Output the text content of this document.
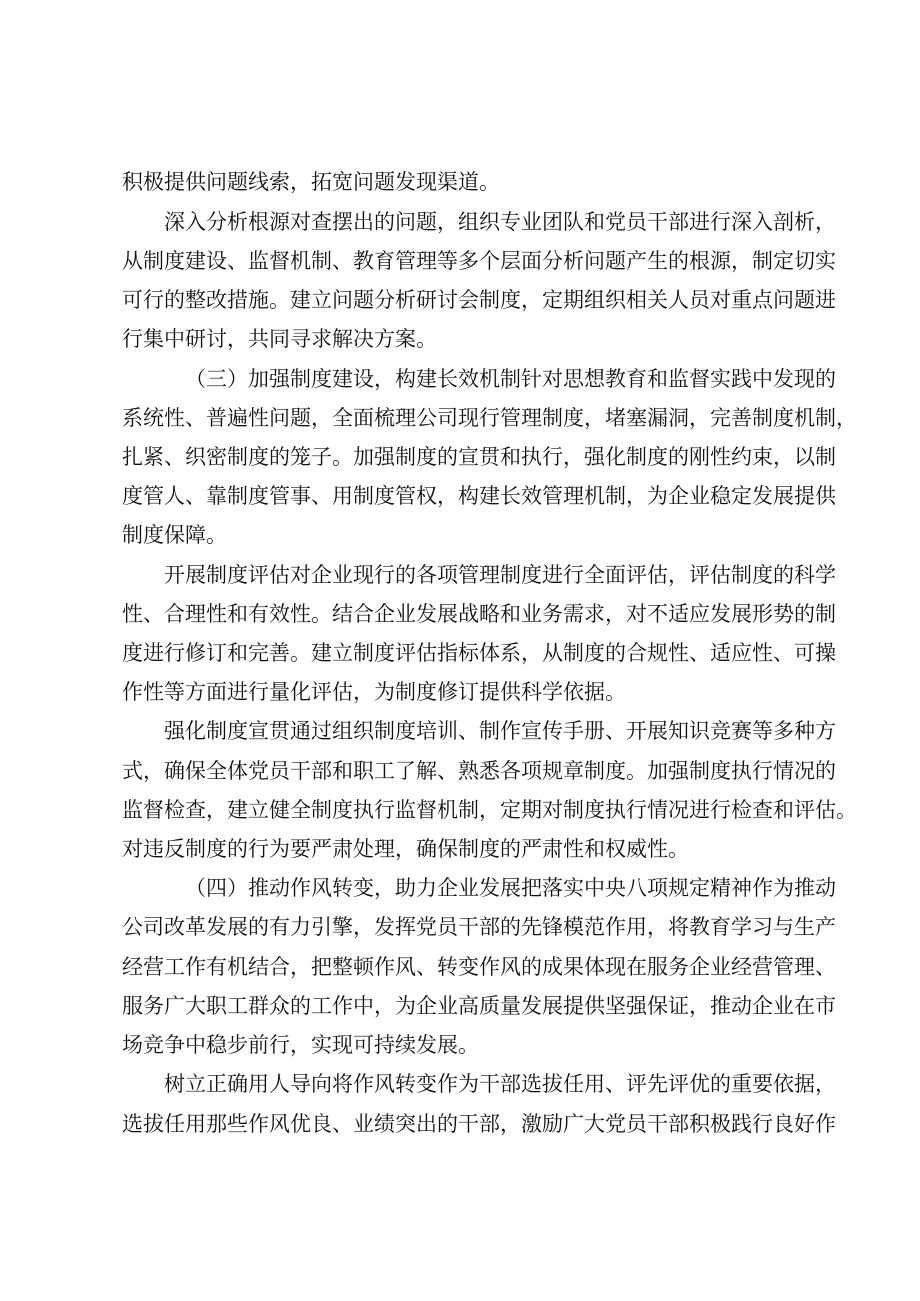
积极提供问题线索，拓宽问题发现渠道。

深入分析根源对查摆出的问题，组织专业团队和党员干部进行深入剖析，

从制度建设、监督机制、教育管理等多个层面分析问题产生的根源，制定切实

可行的整改措施。建立问题分析研讨会制度，定期组织相关人员对重点问题进

行集中研讨，共同寻求解决方案。

（三）加强制度建设，构建长效机制针对思想教育和监督实践中发现的

系统性、普遍性问题，全面梳理公司现行管理制度，堵塞漏洞，完善制度机制，

扎紧、织密制度的笼子。加强制度的宣贯和执行，强化制度的刚性约束，以制

度管人、靠制度管事、用制度管权，构建长效管理机制，为企业稳定发展提供

制度保障。

开展制度评估对企业现行的各项管理制度进行全面评估，评估制度的科学

性、合理性和有效性。结合企业发展战略和业务需求，对不适应发展形势的制

度进行修订和完善。建立制度评估指标体系，从制度的合规性、适应性、可操

作性等方面进行量化评估，为制度修订提供科学依据。

强化制度宣贯通过组织制度培训、制作宣传手册、开展知识竞赛等多种方

式，确保全体党员干部和职工了解、熟悉各项规章制度。加强制度执行情况的

监督检查，建立健全制度执行监督机制，定期对制度执行情况进行检查和评估。

对违反制度的行为要严肃处理，确保制度的严肃性和权威性。

（四）推动作风转变，助力企业发展把落实中央八项规定精神作为推动

公司改革发展的有力引擎，发挥党员干部的先锋模范作用，将教育学习与生产

经营工作有机结合，把整顿作风、转变作风的成果体现在服务企业经营管理、

服务广大职工群众的工作中，为企业高质量发展提供坚强保证，推动企业在市

场竞争中稳步前行，实现可持续发展。

树立正确用人导向将作风转变作为干部选拔任用、评先评优的重要依据，

选拔任用那些作风优良、业绩突出的干部，激励广大党员干部积极践行良好作
